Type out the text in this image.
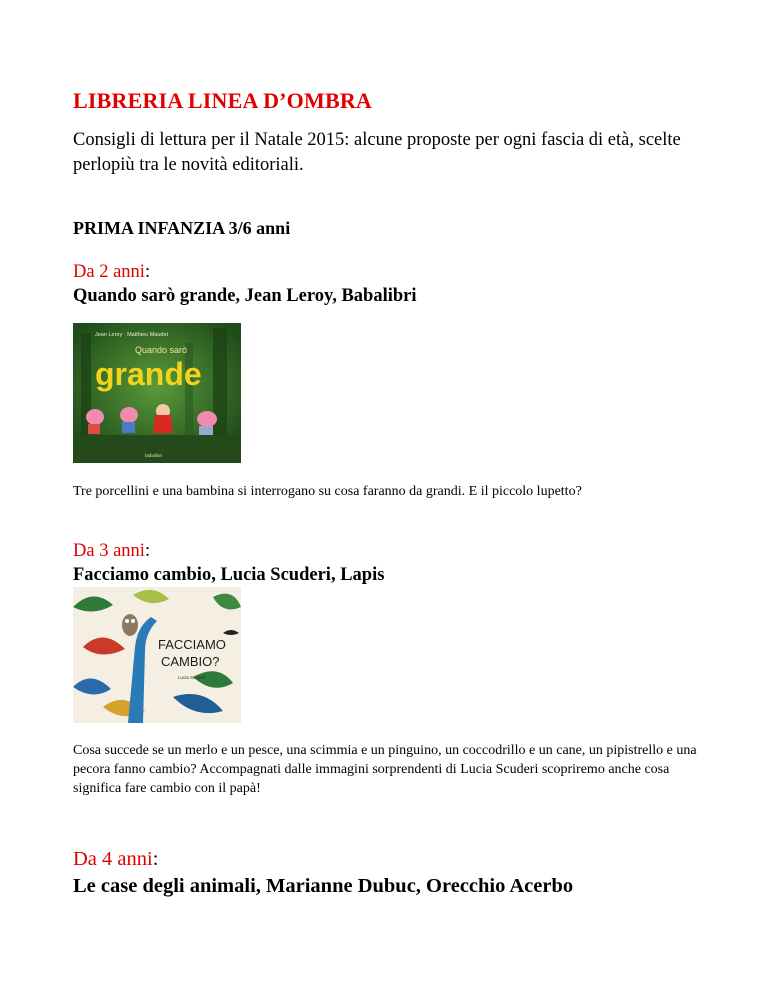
LIBRERIA LINEA D’OMBRA
Consigli di lettura per il Natale 2015: alcune proposte per ogni fascia di età, scelte perlopiù tra le novità editoriali.
PRIMA INFANZIA 3/6 anni
Da 2 anni:
Quando sarò grande, Jean Leroy, Babalibri
Jean Leroy · Matthieu Maudet
Quando sarò
grande
babalibri
Tre porcellini e una bambina si interrogano su cosa faranno da grandi. E il piccolo lupetto?
Da 3 anni:
Facciamo cambio, Lucia Scuderi, Lapis
FACCIAMO
CAMBIO?
Lucia Scuderi
Cosa succede se un merlo e un pesce, una scimmia e un pinguino, un coccodrillo e un cane, un pipistrello e una pecora fanno cambio? Accompagnati dalle immagini sorprendenti di Lucia Scuderi scopriremo anche cosa significa fare cambio con il papà!
Da 4 anni:
Le case degli animali, Marianne Dubuc, Orecchio Acerbo
